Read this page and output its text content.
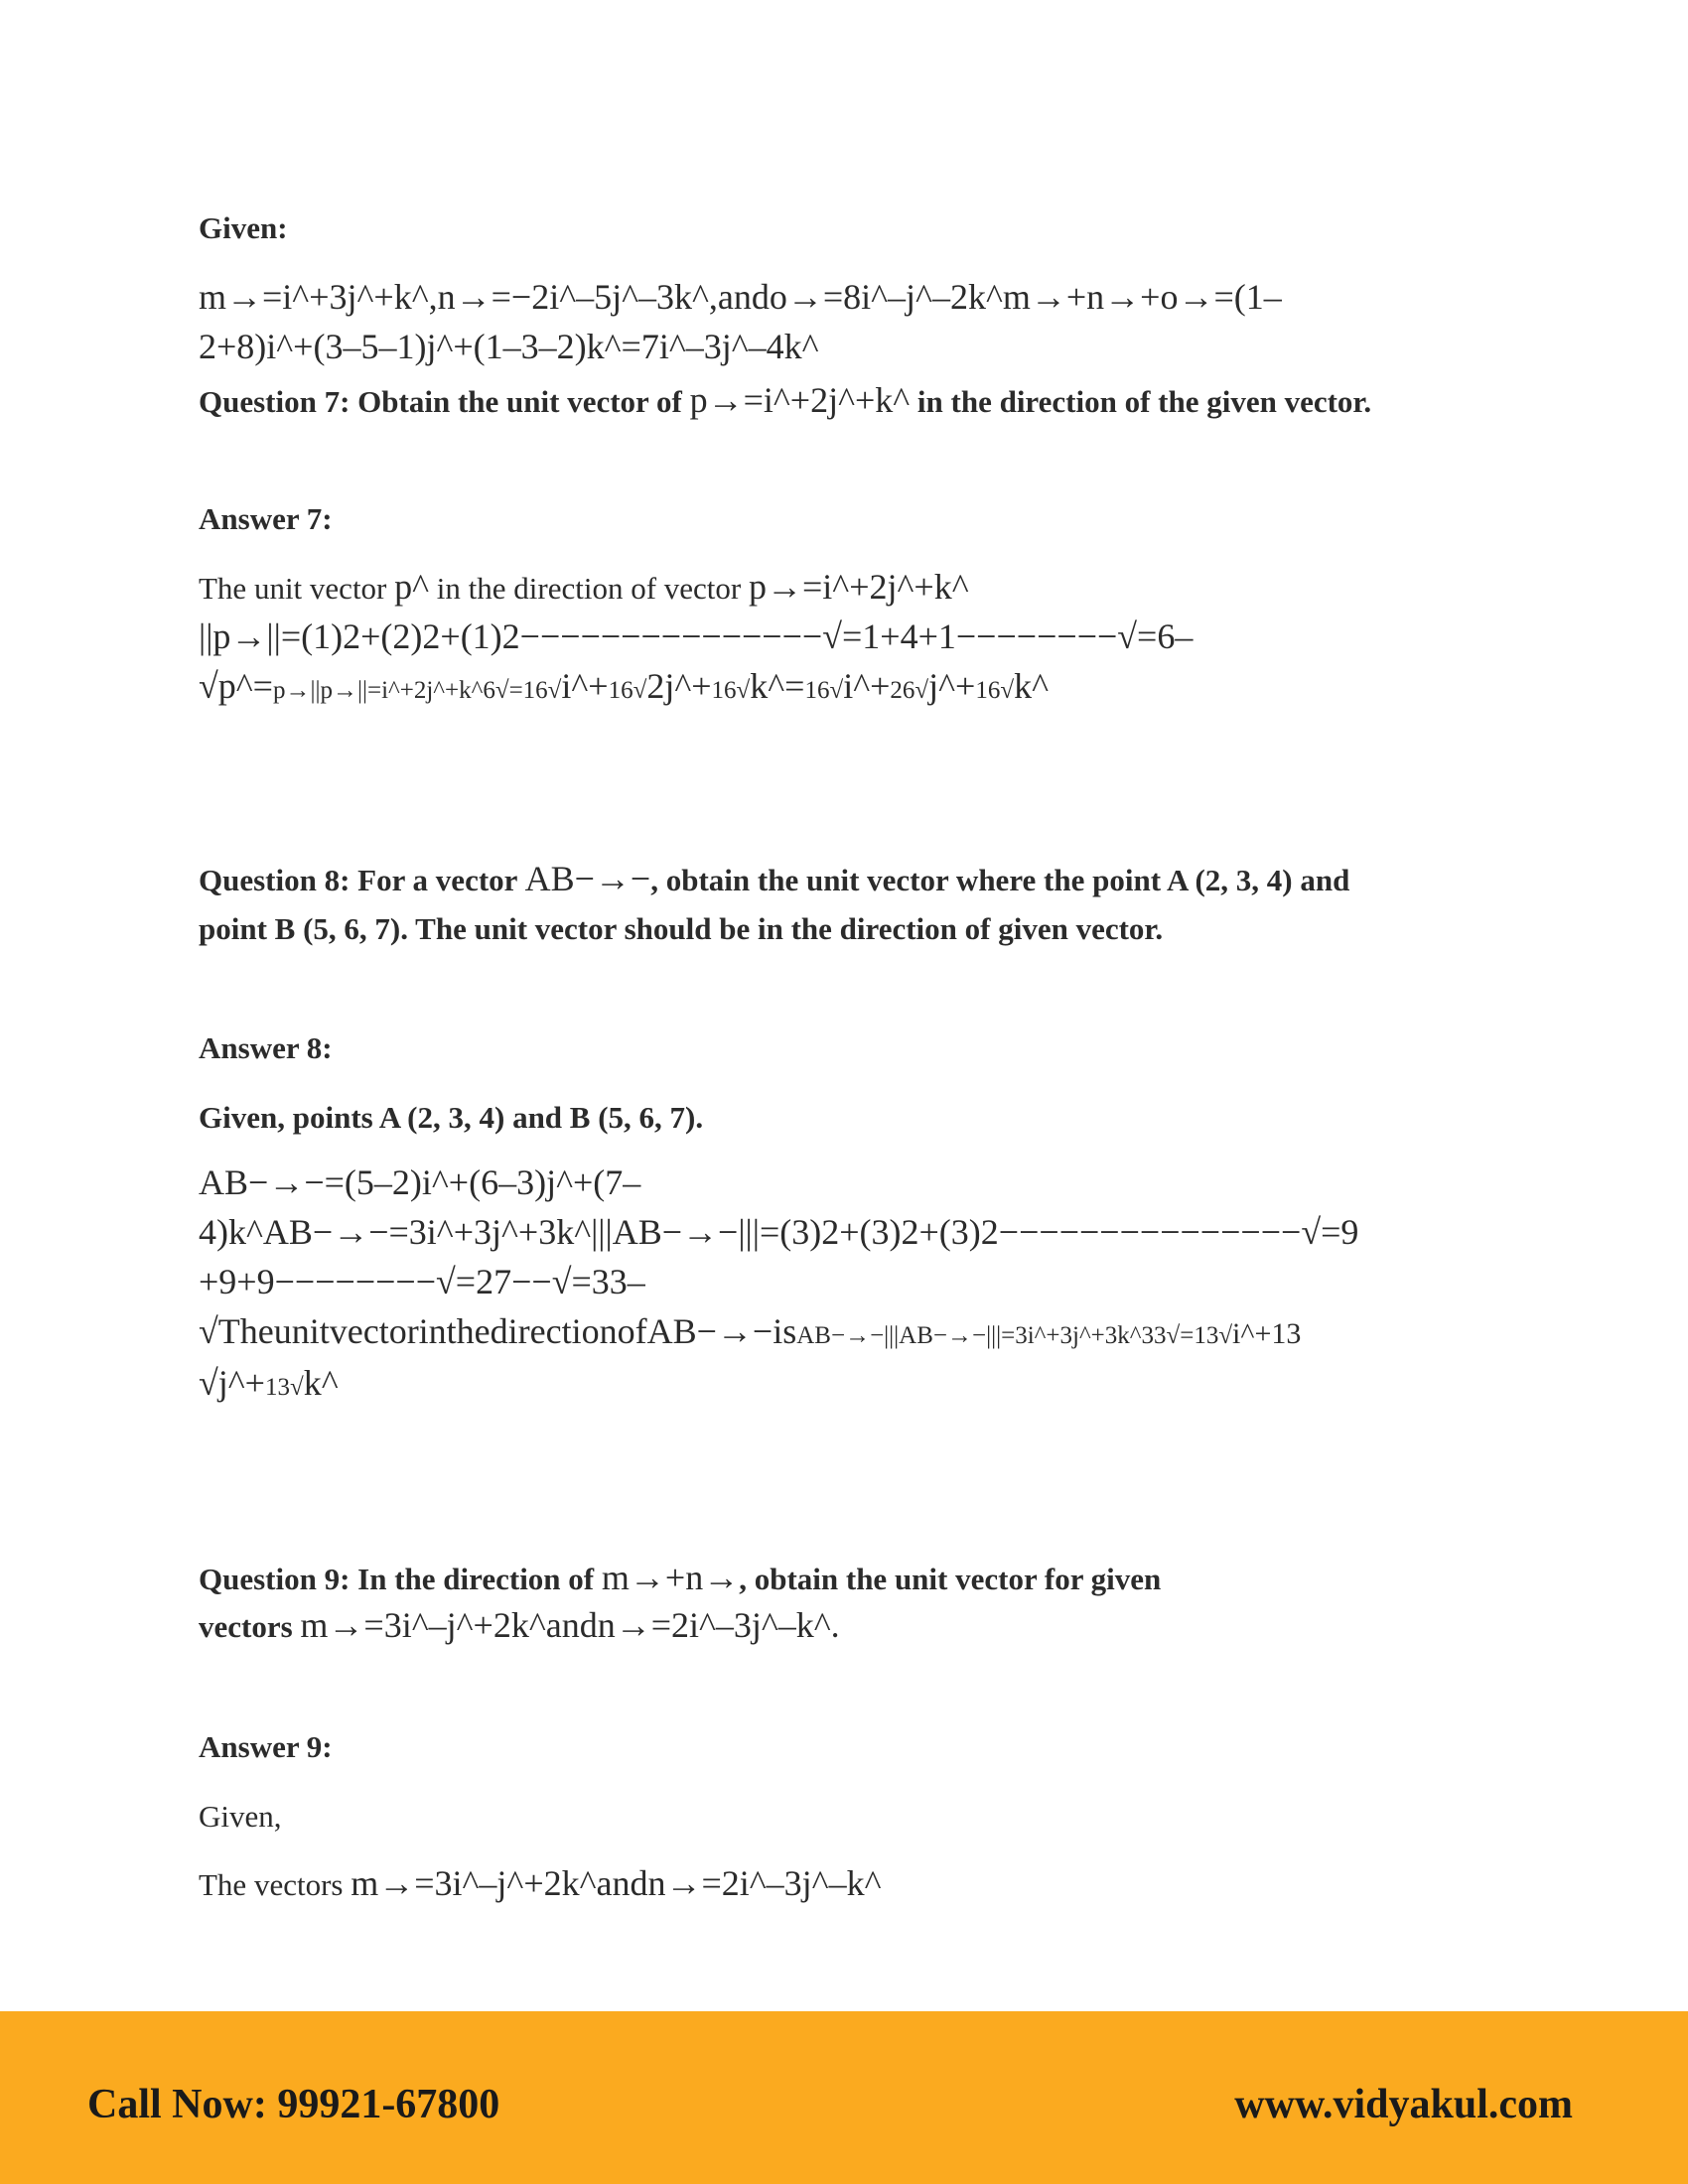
Given:
m→=i^+3j^+k^,n→=−2i^–5j^–3k^,ando→=8i^–j^–2k^m→+n→+o→=(1–
2+8)i^+(3–5–1)j^+(1–3–2)k^=7i^–3j^–4k^
Question 7: Obtain the unit vector of p→=i^+2j^+k^ in the direction of the given vector.
Answer 7:
The unit vector p^ in the direction of vector p→=i^+2j^+k^
||p→||=(1)2+(2)2+(1)2−−−−−−−−−−−−−−−√=1+4+1−−−−−−−−√=6–
√p^=p→||p→||=i^+2j^+k^6√=16√i^+16√2j^+16√k^=16√i^+26√j^+16√k^
Question 8: For a vector AB−→−, obtain the unit vector where the point A (2, 3, 4) and
point B (5, 6, 7). The unit vector should be in the direction of given vector.
Answer 8:
Given, points A (2, 3, 4) and B (5, 6, 7).
AB−→−=(5–2)i^+(6–3)j^+(7–
4)k^AB−→−=3i^+3j^+3k^|||AB−→−|||=(3)2+(3)2+(3)2−−−−−−−−−−−−−−−√=9
+9+9−−−−−−−−√=27−−√=33–
√TheunitvectorinthedirectionofAB−→−isAB−→−|||AB−→−|||=3i^+3j^+3k^33√=13√i^+13
√j^+13√k^
Question 9: In the direction of m→+n→, obtain the unit vector for given
vectors m→=3i^–j^+2k^andn→=2i^–3j^–k^.
Answer 9:
Given,
The vectors m→=3i^–j^+2k^andn→=2i^–3j^–k^
Call Now: 99921-67800	www.vidyakul.com
